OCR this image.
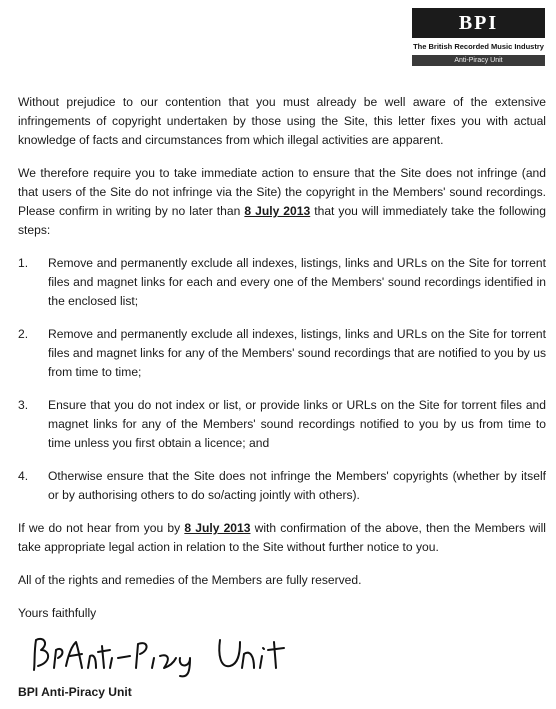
BPI
The British Recorded Music Industry
Anti-Piracy Unit

Without prejudice to our contention that you must already be well aware of the extensive infringements of copyright undertaken by those using the Site, this letter fixes you with actual knowledge of facts and circumstances from which illegal activities are apparent.

We therefore require you to take immediate action to ensure that the Site does not infringe (and that users of the Site do not infringe via the Site) the copyright in the Members' sound recordings. Please confirm in writing by no later than 8 July 2013 that you will immediately take the following steps:

1.	Remove and permanently exclude all indexes, listings, links and URLs on the Site for torrent files and magnet links for each and every one of the Members' sound recordings identified in the enclosed list;
2.	Remove and permanently exclude all indexes, listings, links and URLs on the Site for torrent files and magnet links for any of the Members' sound recordings that are notified to you by us from time to time;
3.	Ensure that you do not index or list, or provide links or URLs on the Site for torrent files and magnet links for any of the Members' sound recordings notified to you by us from time to time unless you first obtain a licence; and
4.	Otherwise ensure that the Site does not infringe the Members' copyrights (whether by itself or by authorising others to do so/acting jointly with others).

If we do not hear from you by 8 July 2013 with confirmation of the above, then the Members will take appropriate legal action in relation to the Site without further notice to you.

All of the rights and remedies of the Members are fully reserved.

Yours faithfully

BPI Anti-Piracy Unit
